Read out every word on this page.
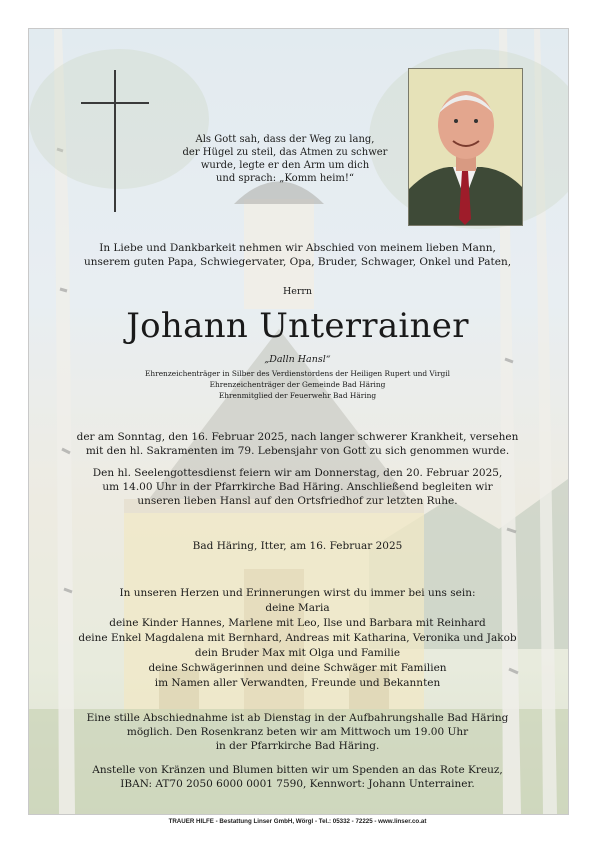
Als Gott sah, dass der Weg zu lang,
der Hügel zu steil, das Atmen zu schwer
wurde, legte er den Arm um dich
und sprach: „Komm heim!“
In Liebe und Dankbarkeit nehmen wir Abschied von meinem lieben Mann,
unserem guten Papa, Schwiegervater, Opa, Bruder, Schwager, Onkel und Paten,
Herrn
Johann Unterrainer
„Dalln Hansl“
Ehrenzeichenträger in Silber des Verdienstordens der Heiligen Rupert und Virgil
Ehrenzeichenträger der Gemeinde Bad Häring
Ehrenmitglied der Feuerwehr Bad Häring
der am Sonntag, den 16. Februar 2025, nach langer schwerer Krankheit, versehen
mit den hl. Sakramenten im 79. Lebensjahr von Gott zu sich genommen wurde.
Den hl. Seelengottesdienst feiern wir am Donnerstag, den 20. Februar 2025,
um 14.00 Uhr in der Pfarrkirche Bad Häring. Anschließend begleiten wir
unseren lieben Hansl auf den Ortsfriedhof zur letzten Ruhe.
Bad Häring, Itter, am 16. Februar 2025
In unseren Herzen und Erinnerungen wirst du immer bei uns sein:
deine Maria
deine Kinder Hannes, Marlene mit Leo, Ilse und Barbara mit Reinhard
deine Enkel Magdalena mit Bernhard, Andreas mit Katharina, Veronika und Jakob
dein Bruder Max mit Olga und Familie
deine Schwägerinnen und deine Schwäger mit Familien
im Namen aller Verwandten, Freunde und Bekannten
Eine stille Abschiednahme ist ab Dienstag in der Aufbahrungshalle Bad Häring
möglich. Den Rosenkranz beten wir am Mittwoch um 19.00 Uhr
in der Pfarrkirche Bad Häring.
Anstelle von Kränzen und Blumen bitten wir um Spenden an das Rote Kreuz,
IBAN: AT70 2050 6000 0001 7590, Kennwort: Johann Unterrainer.
TRAUER HILFE - Bestattung Linser GmbH, Wörgl - Tel.: 05332 - 72225 - www.linser.co.at
